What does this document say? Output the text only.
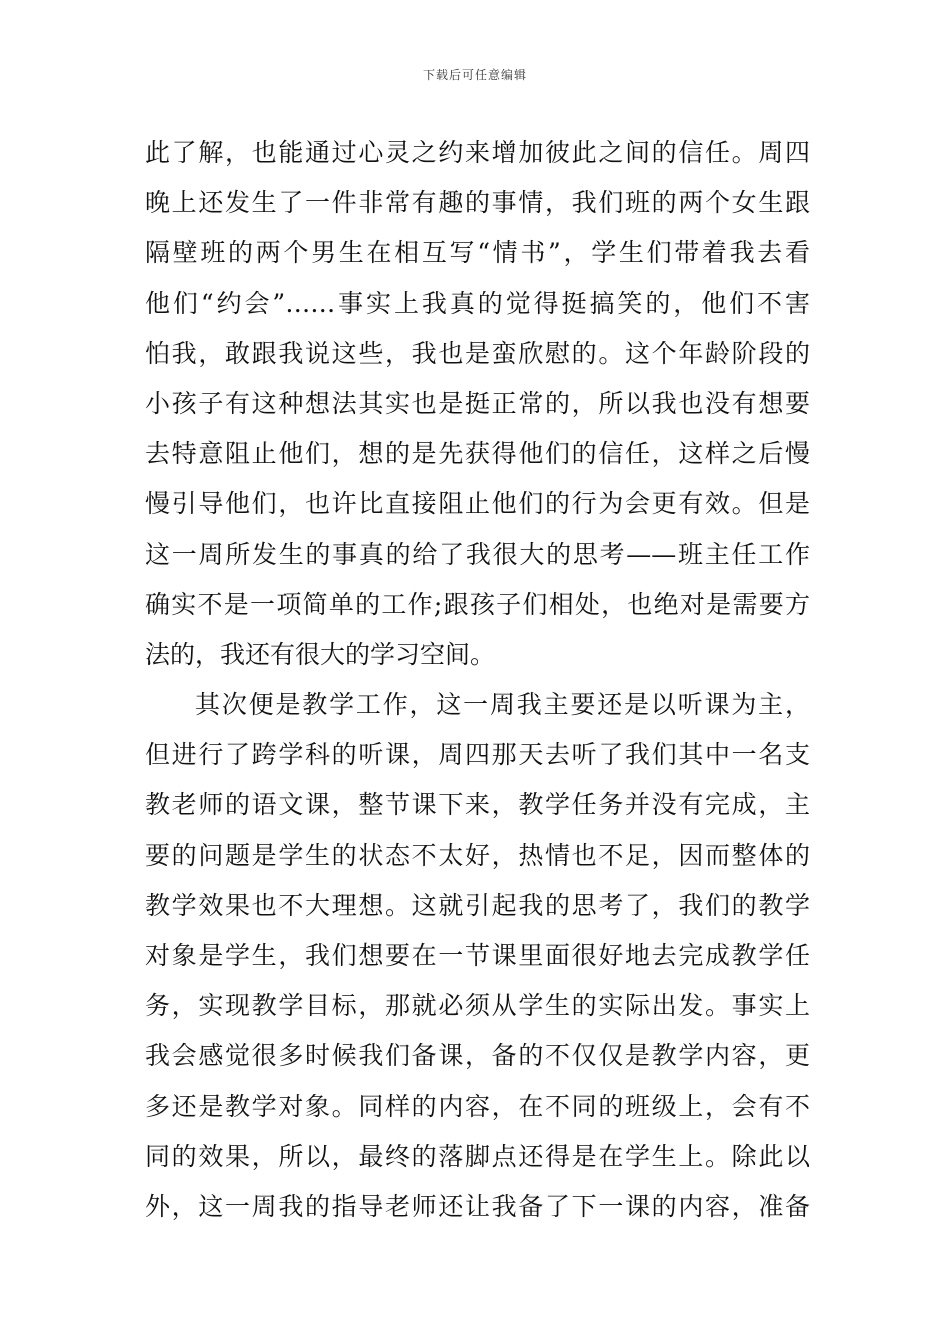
下载后可任意编辑
此了解，也能通过心灵之约来增加彼此之间的信任。周四
晚上还发生了一件非常有趣的事情，我们班的两个女生跟
隔壁班的两个男生在相互写“情书”，学生们带着我去看
他们“约会”……事实上我真的觉得挺搞笑的，他们不害
怕我，敢跟我说这些，我也是蛮欣慰的。这个年龄阶段的
小孩子有这种想法其实也是挺正常的，所以我也没有想要
去特意阻止他们，想的是先获得他们的信任，这样之后慢
慢引导他们，也许比直接阻止他们的行为会更有效。但是
这一周所发生的事真的给了我很大的思考——班主任工作
确实不是一项简单的工作;跟孩子们相处，也绝对是需要方
法的，我还有很大的学习空间。
其次便是教学工作，这一周我主要还是以听课为主，
但进行了跨学科的听课，周四那天去听了我们其中一名支
教老师的语文课，整节课下来，教学任务并没有完成，主
要的问题是学生的状态不太好，热情也不足，因而整体的
教学效果也不大理想。这就引起我的思考了，我们的教学
对象是学生，我们想要在一节课里面很好地去完成教学任
务，实现教学目标，那就必须从学生的实际出发。事实上
我会感觉很多时候我们备课，备的不仅仅是教学内容，更
多还是教学对象。同样的内容，在不同的班级上，会有不
同的效果，所以，最终的落脚点还得是在学生上。除此以
外，这一周我的指导老师还让我备了下一课的内容，准备
